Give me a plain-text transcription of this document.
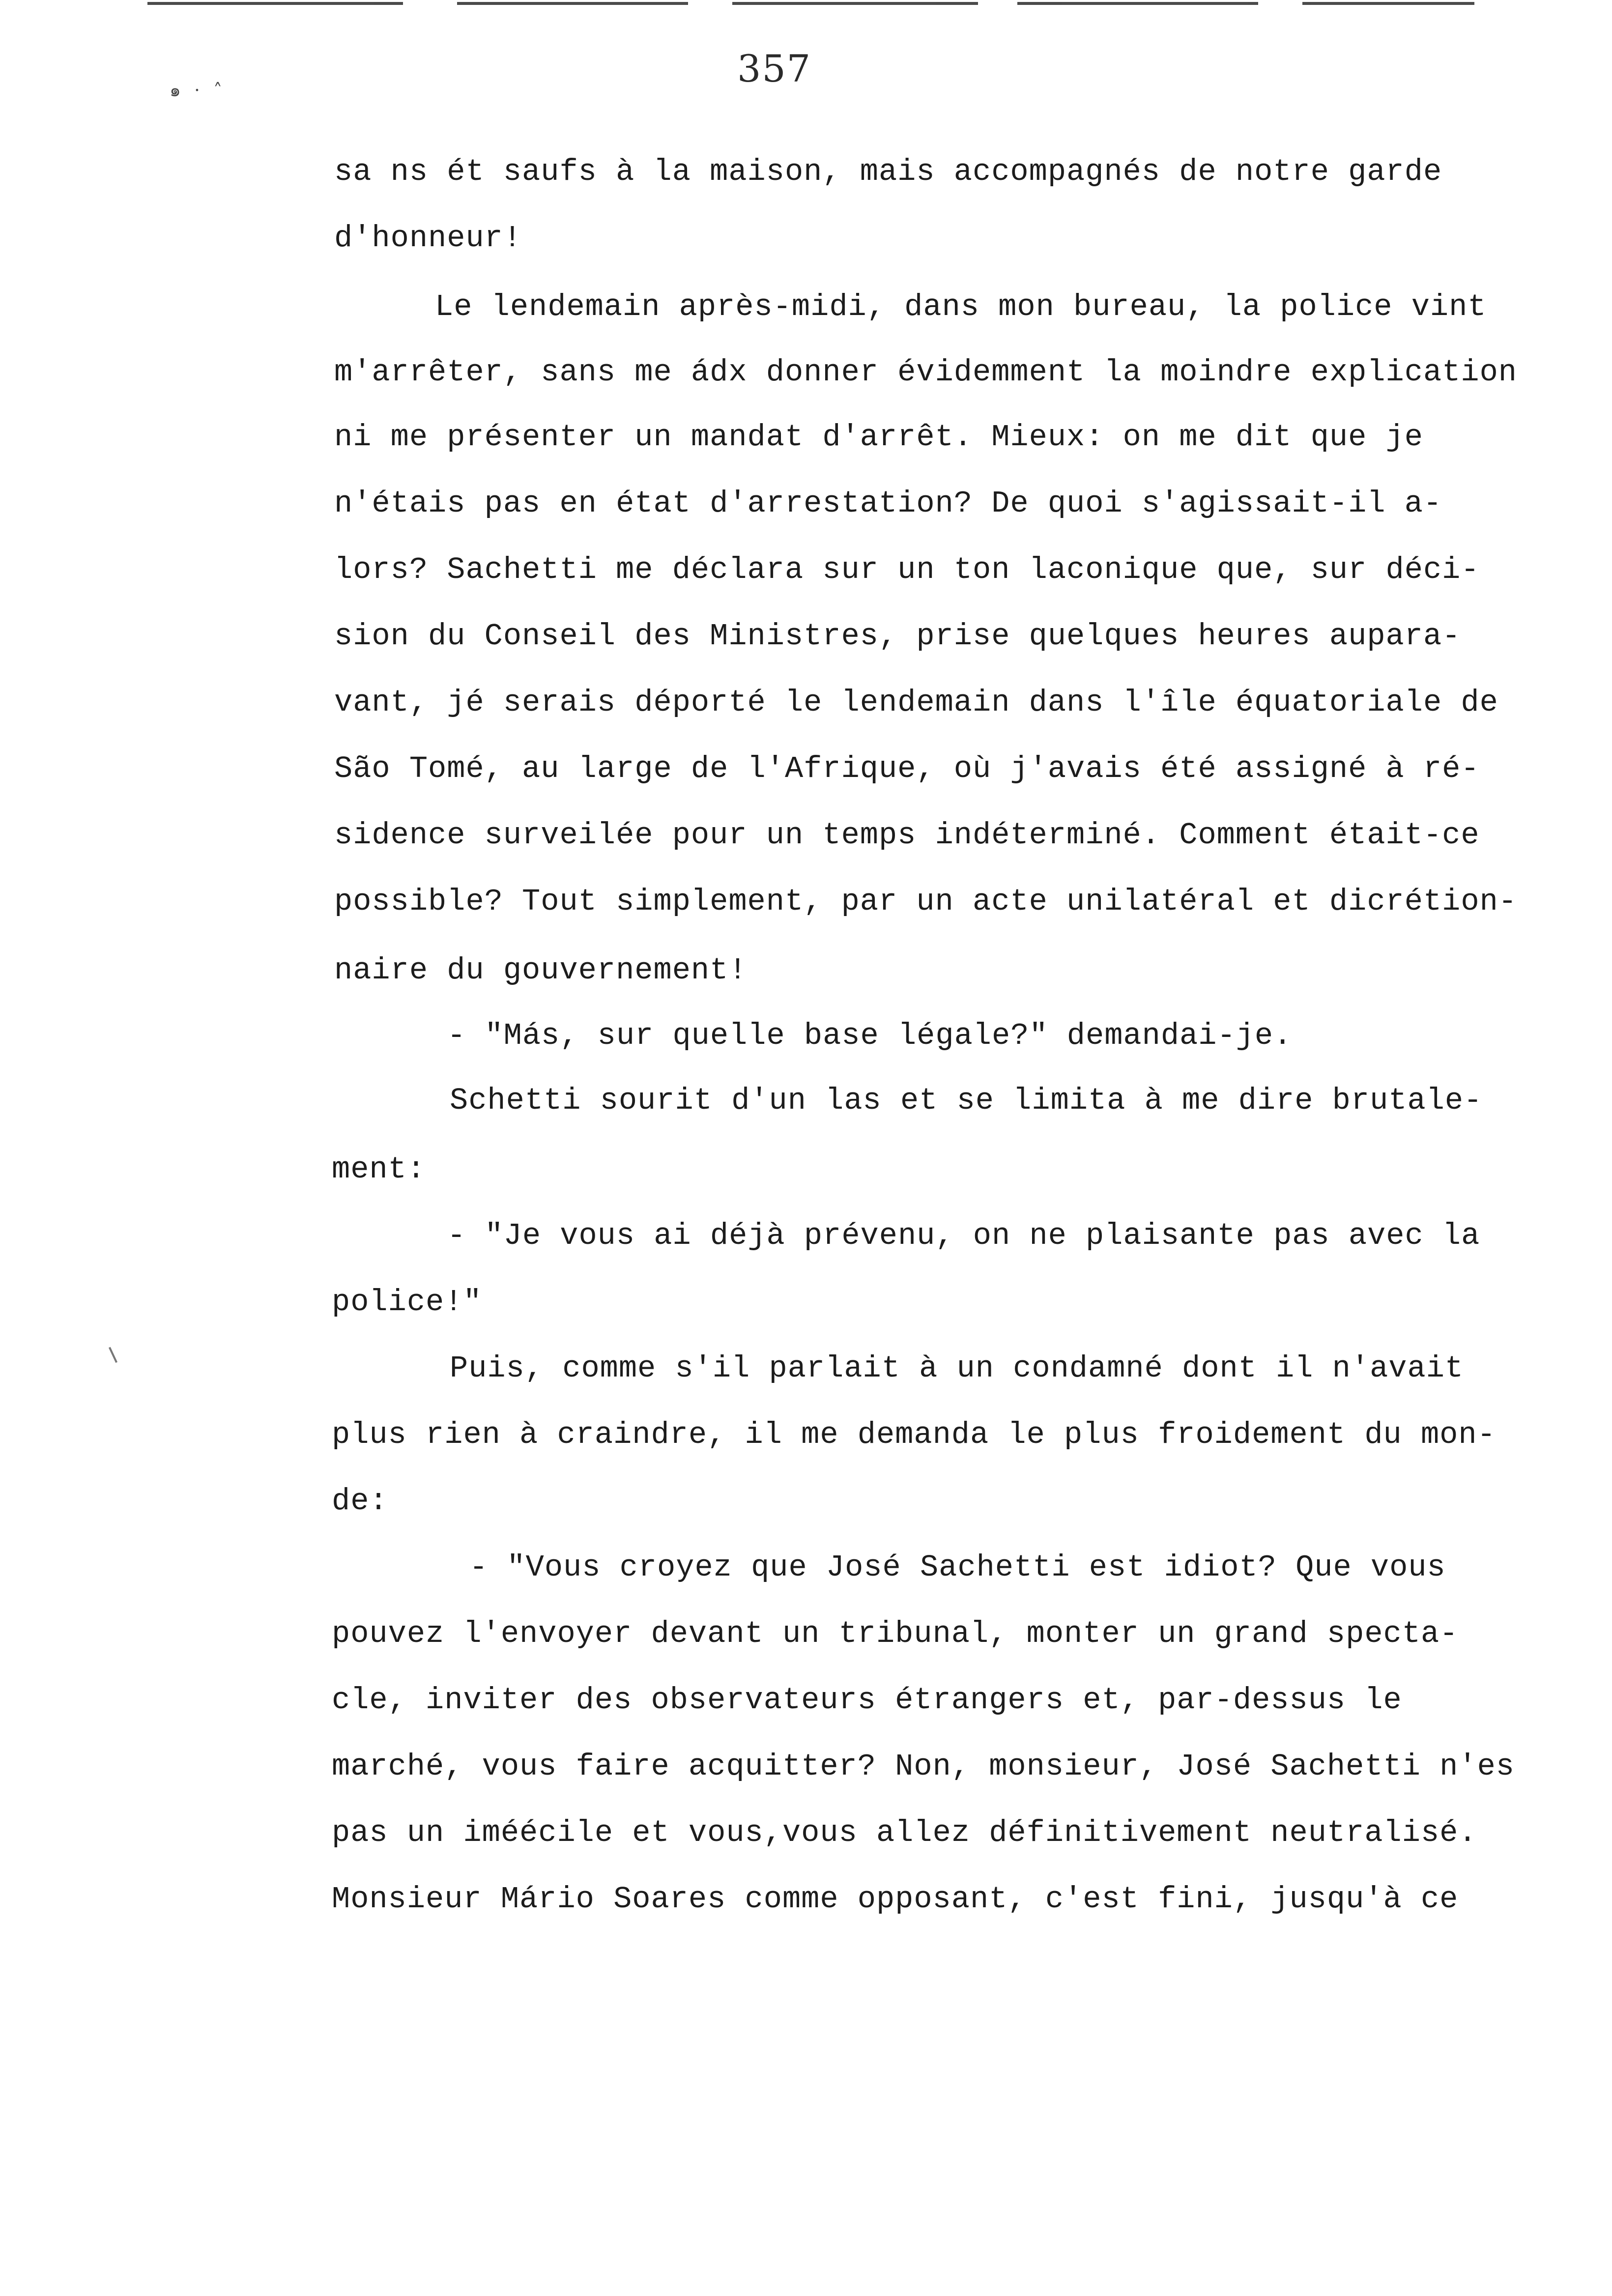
357
๑ · ˄
sa ns ét saufs à la maison, mais accompagnés de notre garde
d'honneur!
Le lendemain après-midi, dans mon bureau, la police vint
m'arrêter, sans me ádx donner évidemment la moindre explication
ni me présenter un mandat d'arrêt. Mieux: on me dit que je
n'étais pas en état d'arrestation? De quoi s'agissait-il a-
lors? Sachetti me déclara sur un ton laconique que, sur déci-
sion du Conseil des Ministres, prise quelques heures aupara-
vant, jé serais déporté le lendemain dans l'île équatoriale de
São Tomé, au large de l'Afrique, où j'avais été assigné à ré-
sidence surveilée pour un temps indéterminé. Comment était-ce
possible? Tout simplement, par un acte unilatéral et dicrétion-
naire du gouvernement!
- "Más, sur quelle base légale?" demandai-je.
Schetti sourit d'un las et se limita à me dire brutale-
ment:
- "Je vous ai déjà prévenu, on ne plaisante pas avec la
police!"
Puis, comme s'il parlait à un condamné dont il n'avait
plus rien à craindre, il me demanda le plus froidement du mon-
de:
- "Vous croyez que José Sachetti est idiot? Que vous
pouvez l'envoyer devant un tribunal, monter un grand specta-
cle, inviter des observateurs étrangers et, par-dessus le
marché, vous faire acquitter? Non, monsieur, José Sachetti n'es
pas un iméécile et vous,vous allez définitivement neutralisé.
Monsieur Mário Soares comme opposant, c'est fini, jusqu'à ce
